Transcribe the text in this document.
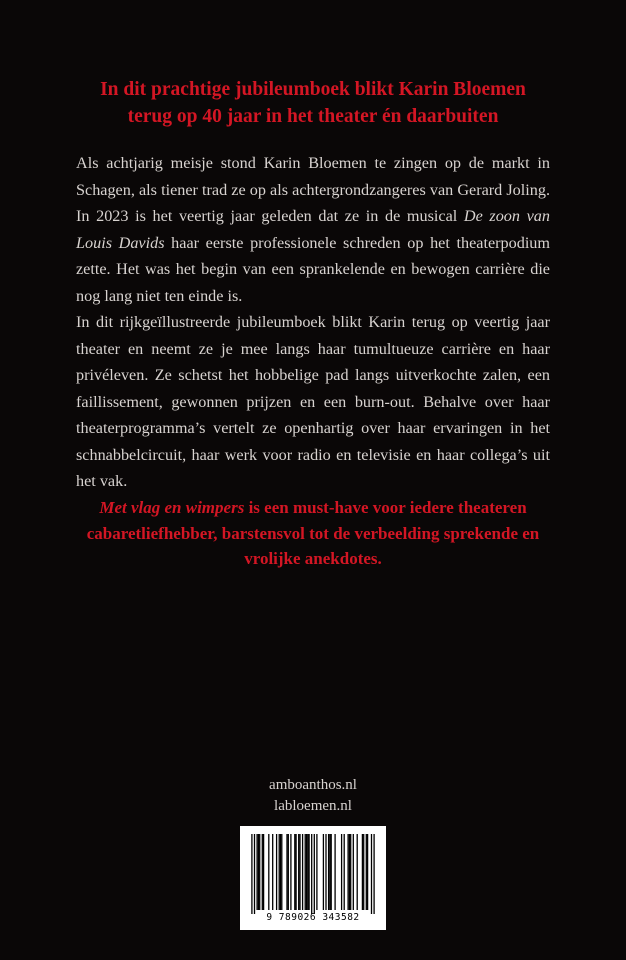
In dit prachtige jubileumboek blikt Karin Bloemen
terug op 40 jaar in het theater én daarbuiten

Als achtjarig meisje stond Karin Bloemen te zingen op de markt in Schagen, als tiener trad ze op als achtergrondzangeres van Gerard Joling. In 2023 is het veertig jaar geleden dat ze in de musical De zoon van Louis Davids haar eerste professionele schreden op het theaterpodium zette. Het was het begin van een sprankelende en bewogen carrière die nog lang niet ten einde is.

In dit rijkgeïllustreerde jubileumboek blikt Karin terug op veertig jaar theater en neemt ze je mee langs haar tumultueuze carrière en haar privéleven. Ze schetst het hobbelige pad langs uitverkochte zalen, een faillissement, gewonnen prijzen en een burn-out. Behalve over haar theaterprogramma’s vertelt ze openhartig over haar ervaringen in het schnabbelcircuit, haar werk voor radio en televisie en haar collega’s uit het vak.

Met vlag en wimpers is een must-have voor iedere theateren cabaretliefhebber, barstensvol tot de verbeelding sprekende en vrolijke anekdotes.

amboanthos.nl
labloemen.nl
9 789026 343582
